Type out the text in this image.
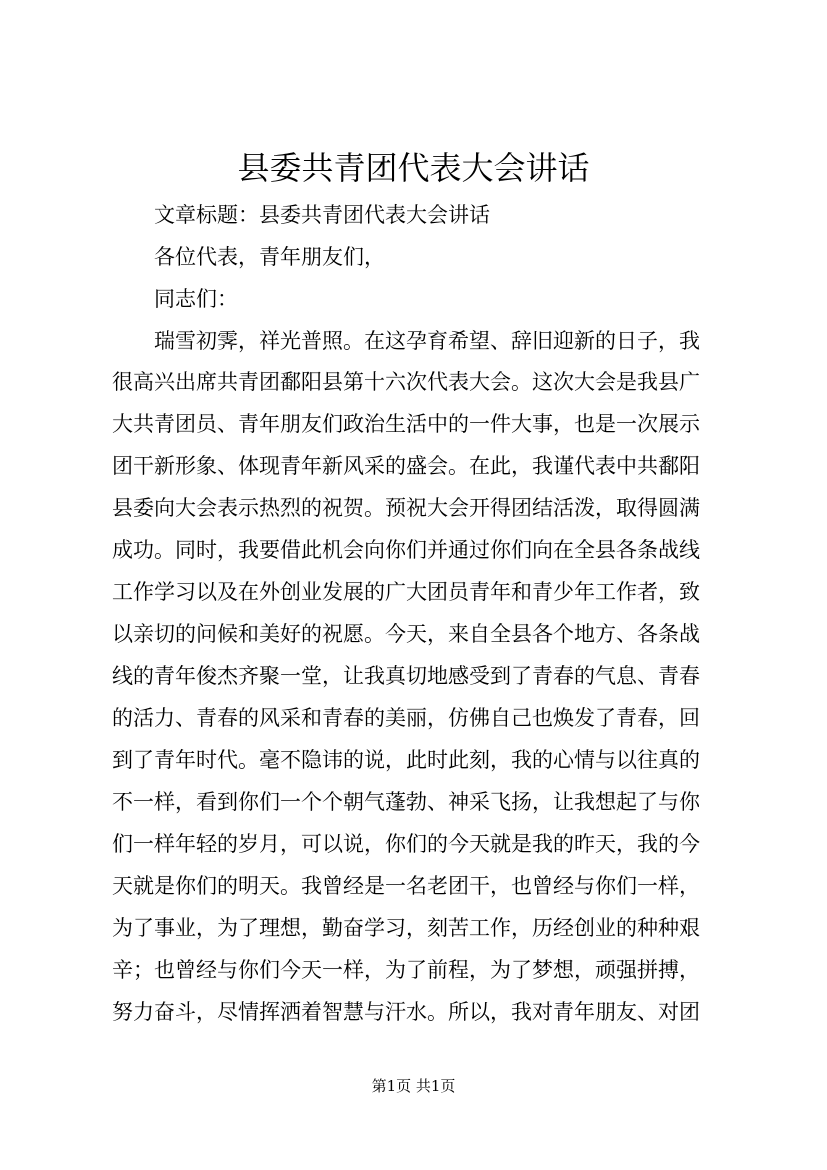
县委共青团代表大会讲话

文章标题：县委共青团代表大会讲话

各位代表，青年朋友们，

同志们：

瑞雪初霁，祥光普照。在这孕育希望、辞旧迎新的日子，我

很高兴出席共青团鄱阳县第十六次代表大会。这次大会是我县广

大共青团员、青年朋友们政治生活中的一件大事，也是一次展示

团干新形象、体现青年新风采的盛会。在此，我谨代表中共鄱阳

县委向大会表示热烈的祝贺。预祝大会开得团结活泼，取得圆满

成功。同时，我要借此机会向你们并通过你们向在全县各条战线

工作学习以及在外创业发展的广大团员青年和青少年工作者，致

以亲切的问候和美好的祝愿。今天，来自全县各个地方、各条战

线的青年俊杰齐聚一堂，让我真切地感受到了青春的气息、青春

的活力、青春的风采和青春的美丽，仿佛自己也焕发了青春，回

到了青年时代。毫不隐讳的说，此时此刻，我的心情与以往真的

不一样，看到你们一个个朝气蓬勃、神采飞扬，让我想起了与你

们一样年轻的岁月，可以说，你们的今天就是我的昨天，我的今

天就是你们的明天。我曾经是一名老团干，也曾经与你们一样，

为了事业，为了理想，勤奋学习，刻苦工作，历经创业的种种艰

辛；也曾经与你们今天一样，为了前程，为了梦想，顽强拼搏，

努力奋斗，尽情挥洒着智慧与汗水。所以，我对青年朋友、对团

第1页 共1页
